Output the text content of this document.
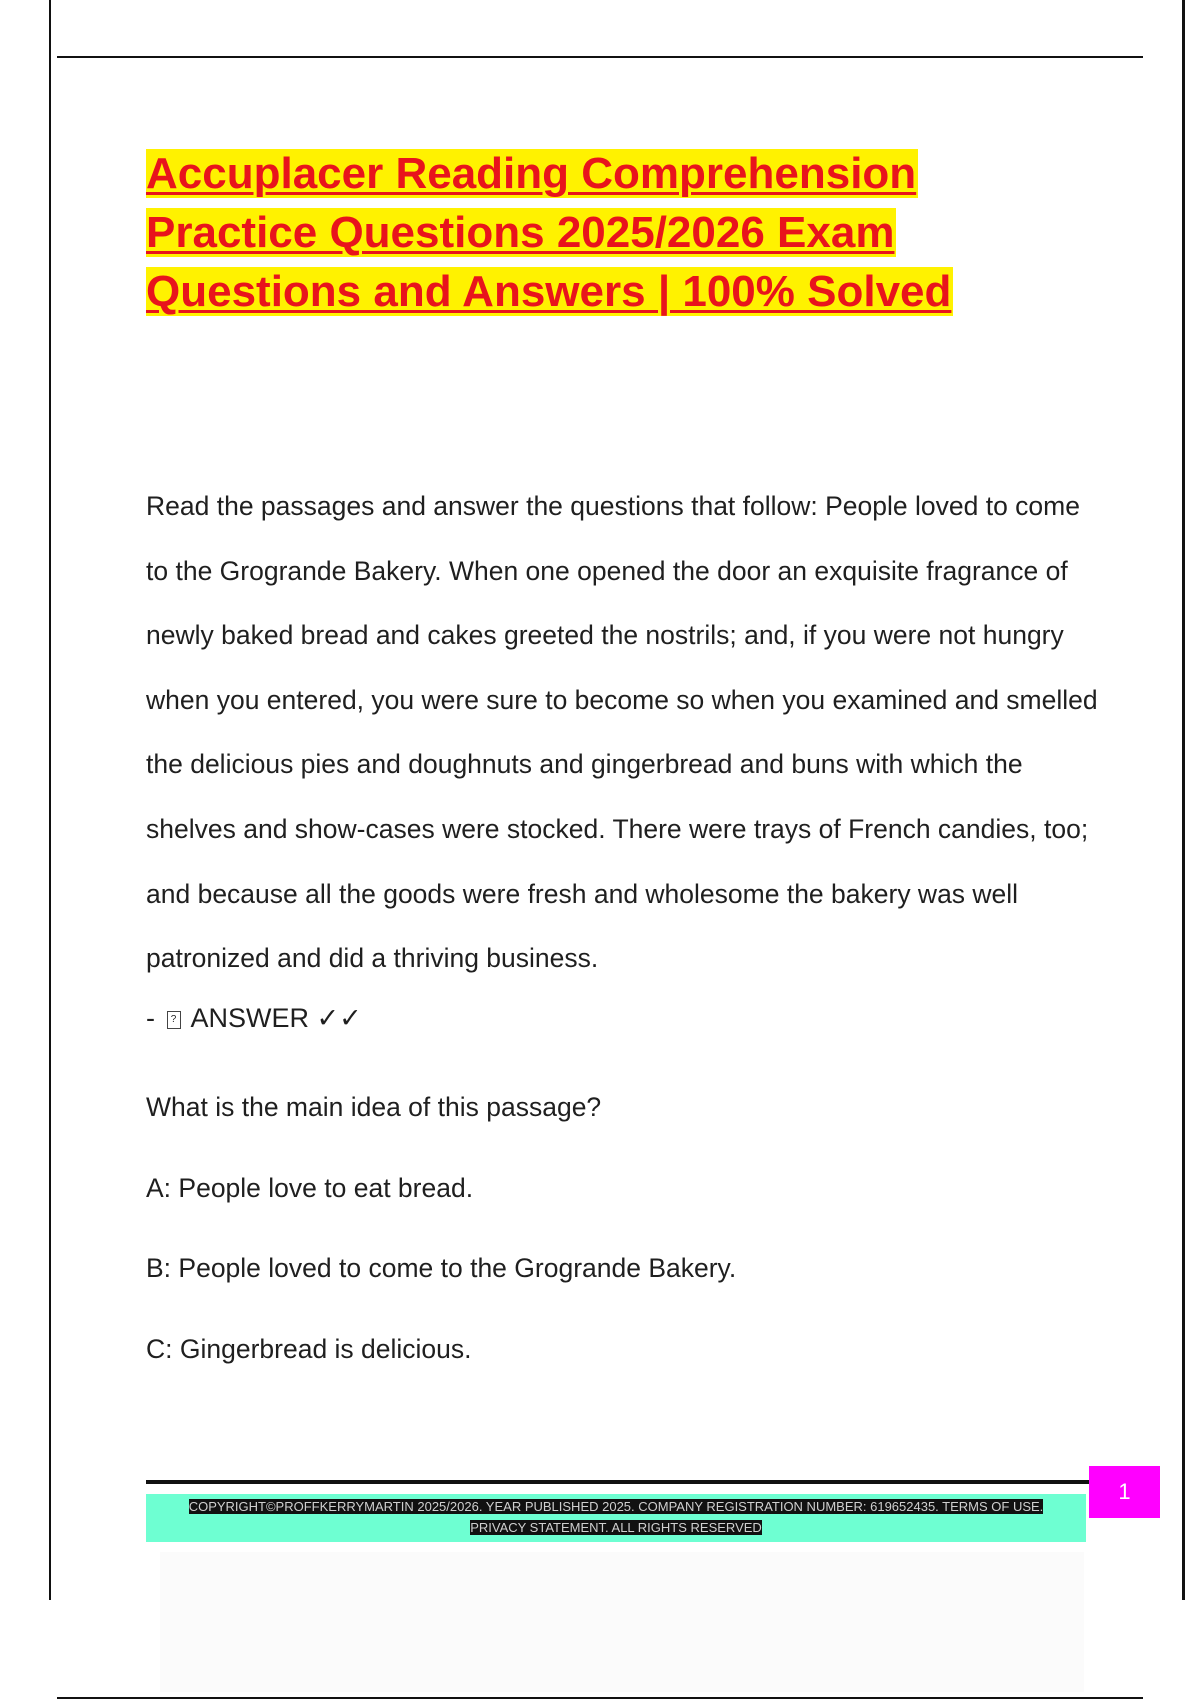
Accuplacer Reading Comprehension
Practice Questions 2025/2026 Exam
Questions and Answers | 100% Solved

Read the passages and answer the questions that follow: People loved to come to the Grogrande Bakery. When one opened the door an exquisite fragrance of newly baked bread and cakes greeted the nostrils; and, if you were not hungry when you entered, you were sure to become so when you examined and smelled the delicious pies and doughnuts and gingerbread and buns with which the shelves and show-cases were stocked. There were trays of French candies, too; and because all the goods were fresh and wholesome the bakery was well patronized and did a thriving business.

- ? ANSWER ✓✓

What is the main idea of this passage?

A: People love to eat bread.

B: People loved to come to the Grogrande Bakery.

C: Gingerbread is delicious.

COPYRIGHT©PROFFKERRYMARTIN 2025/2026. YEAR PUBLISHED 2025. COMPANY REGISTRATION NUMBER: 619652435. TERMS OF USE.
PRIVACY STATEMENT. ALL RIGHTS RESERVED
1
